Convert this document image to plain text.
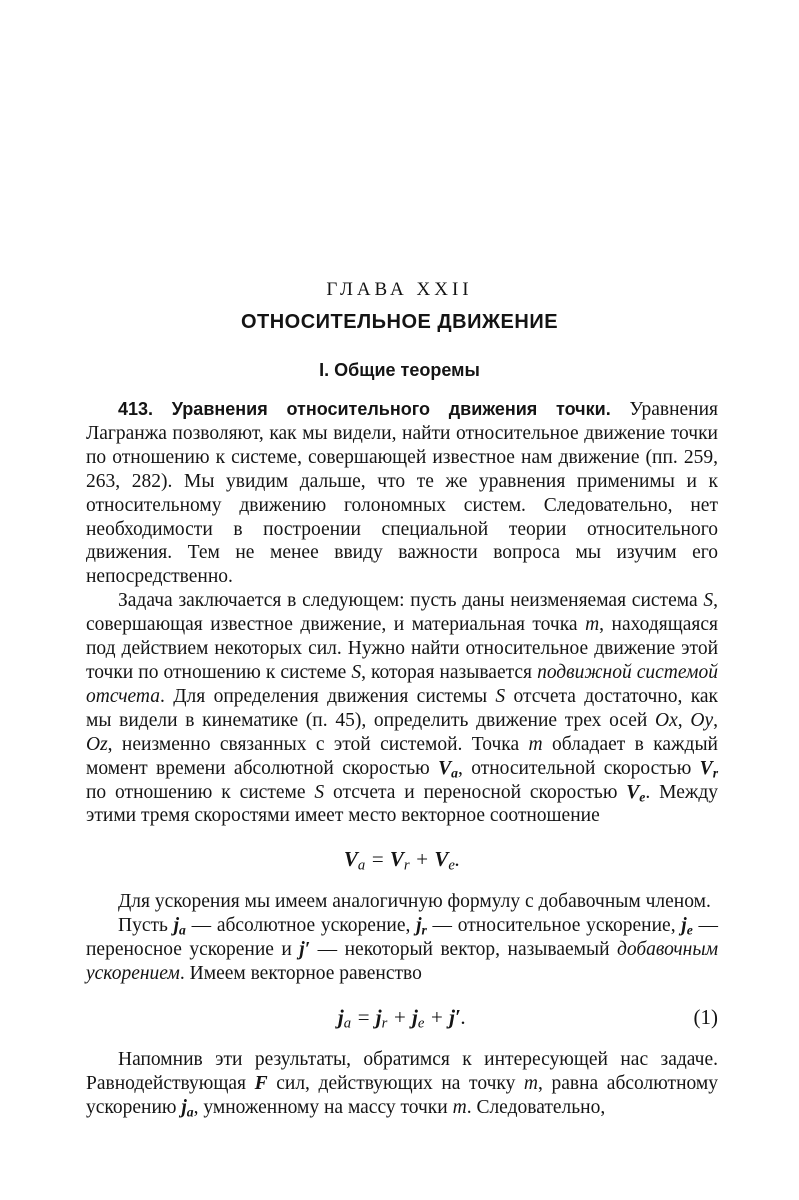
ГЛАВА XXII
ОТНОСИТЕЛЬНОЕ ДВИЖЕНИЕ
I. Общие теоремы

413. Уравнения относительного движения точки. Уравнения Лагранжа позволяют, как мы видели, найти относительное движение точки по отношению к системе, совершающей известное нам движение (пп. 259, 263, 282). Мы увидим дальше, что те же уравнения применимы и к относительному движению голономных систем. Следовательно, нет необходимости в построении специальной теории относительного движения. Тем не менее ввиду важности вопроса мы изучим его непосредственно.

Задача заключается в следующем: пусть даны неизменяемая система S, совершающая известное движение, и материальная точка m, находящаяся под действием некоторых сил. Нужно найти относительное движение этой точки по отношению к системе S, которая называется подвижной системой отсчета. Для определения движения системы S отсчета достаточно, как мы видели в кинематике (п. 45), определить движение трех осей Ox, Oy, Oz, неизменно связанных с этой системой. Точка m обладает в каждый момент времени абсолютной скоростью $V_a$, относительной скоростью $V_r$ по отношению к системе S отсчета и переносной скоростью $V_e$. Между этими тремя скоростями имеет место векторное соотношение

$V_a = V_r + V_e$.

Для ускорения мы имеем аналогичную формулу с добавочным членом.

Пусть $j_a$ — абсолютное ускорение, $j_r$ — относительное ускорение, $j_e$ — переносное ускорение и j′ — некоторый вектор, называемый добавочным ускорением. Имеем векторное равенство

$j_a = j_r + j_e + j'$.	(1)

Напомнив эти результаты, обратимся к интересующей нас задаче. Равнодействующая F сил, действующих на точку m, равна абсолютному ускорению $j_a$, умноженному на массу точки m. Следовательно,
